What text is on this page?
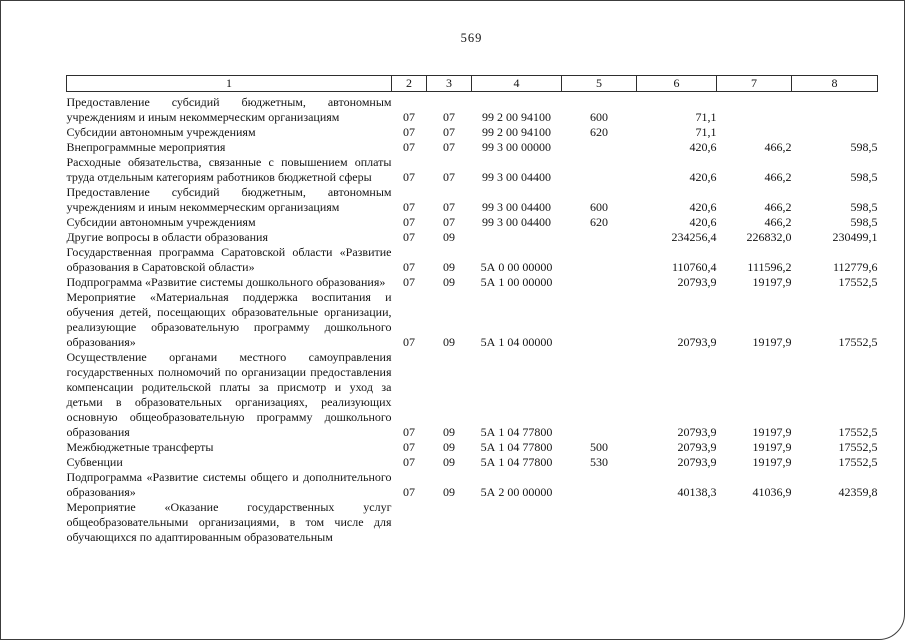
569
1	2	3	4	5	6	7	8
Предоставление субсидий бюджетным, автономным учреждениям и иным некоммерческим организациям	07	07	99 2 00 94100	600	71,1		
Субсидии автономным учреждениям	07	07	99 2 00 94100	620	71,1		
Внепрограммные мероприятия	07	07	99 3 00 00000		420,6	466,2	598,5
Расходные обязательства, связанные с повышением оплаты труда отдельным категориям работников бюджетной сферы	07	07	99 3 00 04400		420,6	466,2	598,5
Предоставление субсидий бюджетным, автономным учреждениям и иным некоммерческим организациям	07	07	99 3 00 04400	600	420,6	466,2	598,5
Субсидии автономным учреждениям	07	07	99 3 00 04400	620	420,6	466,2	598,5
Другие вопросы в области образования	07	09			234256,4	226832,0	230499,1
Государственная программа Саратовской области «Развитие образования в Саратовской области»	07	09	5А 0 00 00000		110760,4	111596,2	112779,6
Подпрограмма «Развитие системы дошкольного образования»	07	09	5А 1 00 00000		20793,9	19197,9	17552,5
Мероприятие «Материальная поддержка воспитания и обучения детей, посещающих образовательные организации, реализующие образовательную программу дошкольного образования»	07	09	5А 1 04 00000		20793,9	19197,9	17552,5
Осуществление органами местного самоуправления государственных полномочий по организации предоставления компенсации родительской платы за присмотр и уход за детьми в образовательных организациях, реализующих основную общеобразовательную программу дошкольного образования	07	09	5А 1 04 77800		20793,9	19197,9	17552,5
Межбюджетные трансферты	07	09	5А 1 04 77800	500	20793,9	19197,9	17552,5
Субвенции	07	09	5А 1 04 77800	530	20793,9	19197,9	17552,5
Подпрограмма «Развитие системы общего и дополнительного образования»	07	09	5А 2 00 00000		40138,3	41036,9	42359,8
Мероприятие «Оказание государственных услуг общеобразовательными организациями, в том числе для обучающихся по адаптированным образовательным							
